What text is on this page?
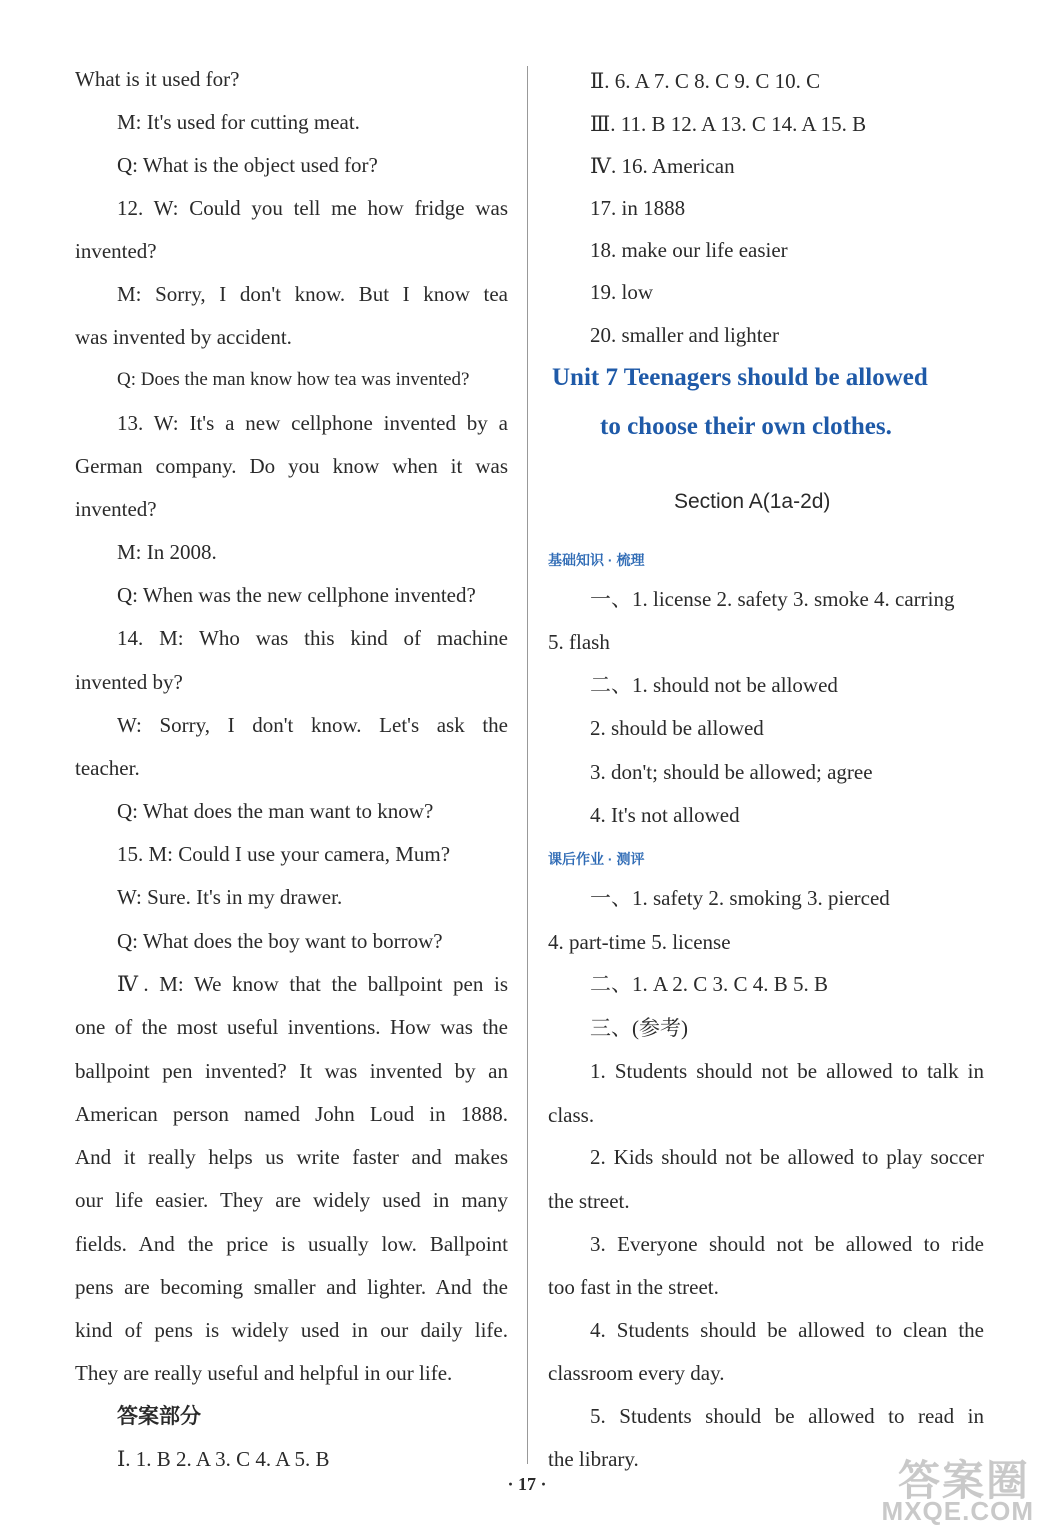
What is it used for?
M: It's used for cutting meat.
Q: What is the object used for?
12. W: Could you tell me how fridge was
invented?
M: Sorry, I don't know. But I know tea
was invented by accident.
Q: Does the man know how tea was invented?
13. W: It's a new cellphone invented by a
German company. Do you know when it was
invented?
M: In 2008.
Q: When was the new cellphone invented?
14. M: Who was this kind of machine
invented by?
W: Sorry, I don't know. Let's ask the
teacher.
Q: What does the man want to know?
15. M: Could I use your camera, Mum?
W: Sure. It's in my drawer.
Q: What does the boy want to borrow?
Ⅳ. M: We know that the ballpoint pen is
one of the most useful inventions. How was the
ballpoint pen invented? It was invented by an
American person named John Loud in 1888.
And it really helps us write faster and makes
our life easier. They are widely used in many
fields. And the price is usually low. Ballpoint
pens are becoming smaller and lighter. And the
kind of pens is widely used in our daily life.
They are really useful and helpful in our life.
答案部分
Ⅰ. 1. B 2. A 3. C 4. A 5. B
Unit 7 Teenagers should be allowed
to choose their own clothes.
Section A(1a-2d)
基础知识 · 梳理
课后作业 · 测评
Ⅱ. 6. A 7. C 8. C 9. C 10. C
Ⅲ. 11. B 12. A 13. C 14. A 15. B
Ⅳ. 16. American
17. in 1888
18. make our life easier
19. low
20. smaller and lighter
一、1. license 2. safety 3. smoke 4. carring
5. flash
二、1. should not be allowed
2. should be allowed
3. don't; should be allowed; agree
4. It's not allowed
一、1. safety 2. smoking 3. pierced
4. part-time 5. license
二、1. A 2. C 3. C 4. B 5. B
三、(参考)
1. Students should not be allowed to talk in
class.
2. Kids should not be allowed to play soccer
the street.
3. Everyone should not be allowed to ride
too fast in the street.
4. Students should be allowed to clean the
classroom every day.
5. Students should be allowed to read in
the library.
· 17 ·	答案圈
MXQE.COM
